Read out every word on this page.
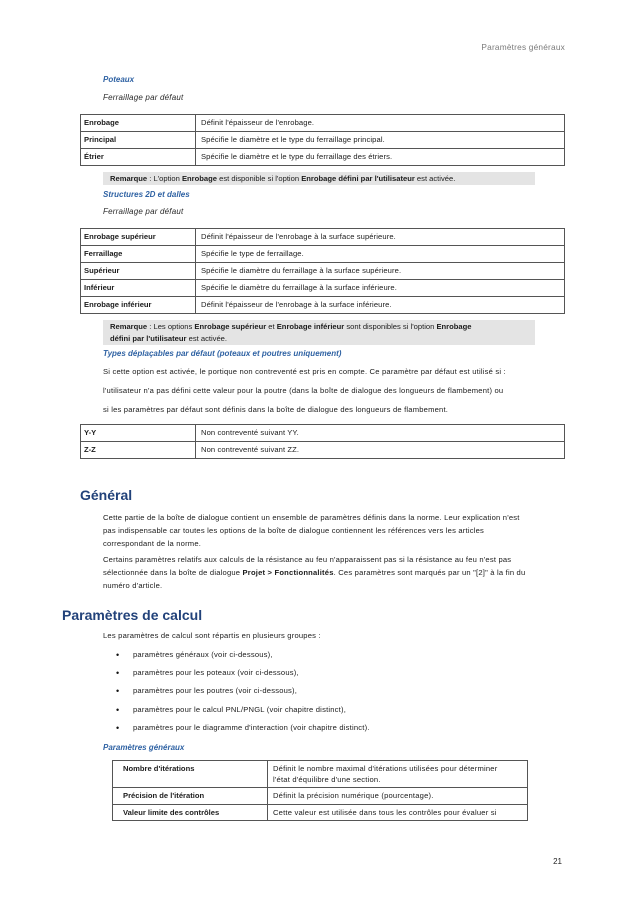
Paramètres généraux
Poteaux
Ferraillage par défaut
Enrobage	Définit l'épaisseur de l'enrobage.
Principal	Spécifie le diamètre et le type du ferraillage principal.
Étrier	Spécifie le diamètre et le type du ferraillage des étriers.
Remarque : L'option Enrobage est disponible si l'option Enrobage défini par l'utilisateur est activée.
Structures 2D et dalles
Ferraillage par défaut
Enrobage supérieur	Définit l'épaisseur de l'enrobage à la surface supérieure.
Ferraillage	Spécifie le type de ferraillage.
Supérieur	Spécifie le diamètre du ferraillage à la surface supérieure.
Inférieur	Spécifie le diamètre du ferraillage à la surface inférieure.
Enrobage inférieur	Définit l'épaisseur de l'enrobage à la surface inférieure.
Remarque : Les options Enrobage supérieur et Enrobage inférieur sont disponibles si l'option Enrobage
défini par l'utilisateur est activée.
Types déplaçables par défaut (poteaux et poutres uniquement)
Si cette option est activée, le portique non contreventé est pris en compte. Ce paramètre par défaut est utilisé si :
l'utilisateur n'a pas défini cette valeur pour la poutre (dans la boîte de dialogue des longueurs de flambement) ou
si les paramètres par défaut sont définis dans la boîte de dialogue des longueurs de flambement.
Y-Y	Non contreventé suivant YY.
Z-Z	Non contreventé suivant ZZ.
Général
Cette partie de la boîte de dialogue contient un ensemble de paramètres définis dans la norme. Leur explication n'est
pas indispensable car toutes les options de la boîte de dialogue contiennent les références vers les articles
correspondant de la norme.
Certains paramètres relatifs aux calculs de la résistance au feu n'apparaissent pas si la résistance au feu n'est pas
sélectionnée dans la boîte de dialogue Projet > Fonctionnalités. Ces paramètres sont marqués par un "[2]" à la fin du
numéro d'article.
Paramètres de calcul
Les paramètres de calcul sont répartis en plusieurs groupes :
• paramètres généraux (voir ci-dessous),
• paramètres pour les poteaux (voir ci-dessous),
• paramètres pour les poutres (voir ci-dessous),
• paramètres pour le calcul PNL/PNGL (voir chapitre distinct),
• paramètres pour le diagramme d'interaction (voir chapitre distinct).
Paramètres généraux
Nombre d'itérations	Définit le nombre maximal d'itérations utilisées pour déterminer
l'état d'équilibre d'une section.

Précision de l'itération	Définit la précision numérique (pourcentage).
Valeur limite des contrôles	Cette valeur est utilisée dans tous les contrôles pour évaluer si
21
